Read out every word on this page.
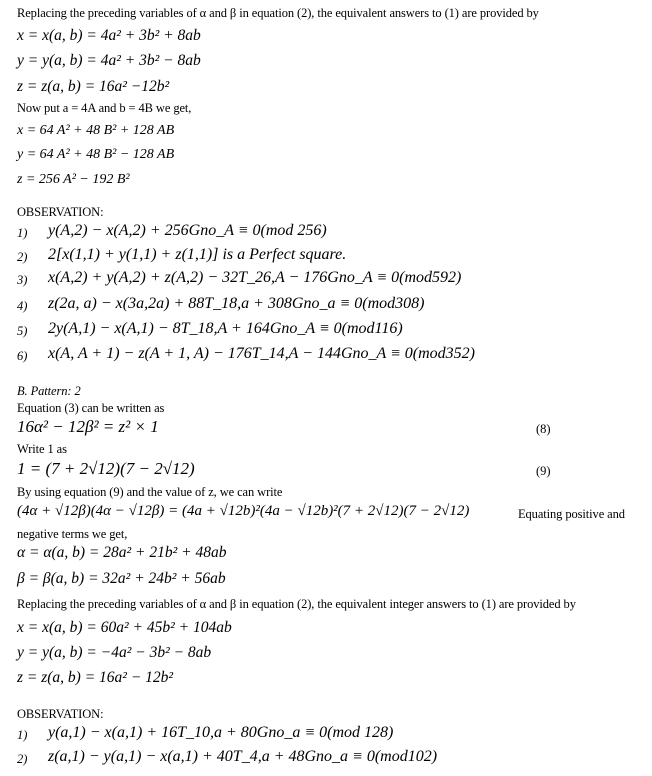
Replacing the preceding variables of α and β in equation (2), the equivalent answers to (1) are provided by
x = x(a, b) = 4a² + 3b² + 8ab
y = y(a, b) = 4a² + 3b² − 8ab
z = z(a, b) = 16a² −12b²
Now put a = 4A and b = 4B we get,
x = 64 A² + 48 B² + 128 AB
y = 64 A² + 48 B² − 128 AB
z = 256 A² − 192 B²
OBSERVATION:
1) y(A,2) − x(A,2) + 256Gno_A ≡ 0(mod 256)
2) 2[x(1,1) + y(1,1) + z(1,1)] is a Perfect square.
3) x(A,2) + y(A,2) + z(A,2) − 32T_26,A − 176Gno_A ≡ 0(mod592)
4) z(2a, a) − x(3a,2a) + 88T_18,a + 308Gno_a ≡ 0(mod308)
5) 2y(A,1) − x(A,1) − 8T_18,A + 164Gno_A ≡ 0(mod116)
6) x(A, A + 1) − z(A + 1, A) − 176T_14,A − 144Gno_A ≡ 0(mod352)
B. Pattern: 2
Equation (3) can be written as
16α² − 12β² = z² × 1	(8)
Write 1 as
1 = (7 + 2√12)(7 − 2√12)	(9)
By using equation (9) and the value of z, we can write
(4α + √12β)(4α − √12β) = (4a + √12b)²(4a − √12b)²(7 + 2√12)(7 − 2√12)	Equating positive and
negative terms we get,
α = α(a, b) = 28a² + 21b² + 48ab
β = β(a, b) = 32a² + 24b² + 56ab
Replacing the preceding variables of α and β in equation (2), the equivalent integer answers to (1) are provided by
x = x(a, b) = 60a² + 45b² + 104ab
y = y(a, b) = −4a² − 3b² − 8ab
z = z(a, b) = 16a² − 12b²
OBSERVATION:
1) y(a,1) − x(a,1) + 16T_10,a + 80Gno_a ≡ 0(mod 128)
2) z(a,1) − y(a,1) − x(a,1) + 40T_4,a + 48Gno_a ≡ 0(mod102)
